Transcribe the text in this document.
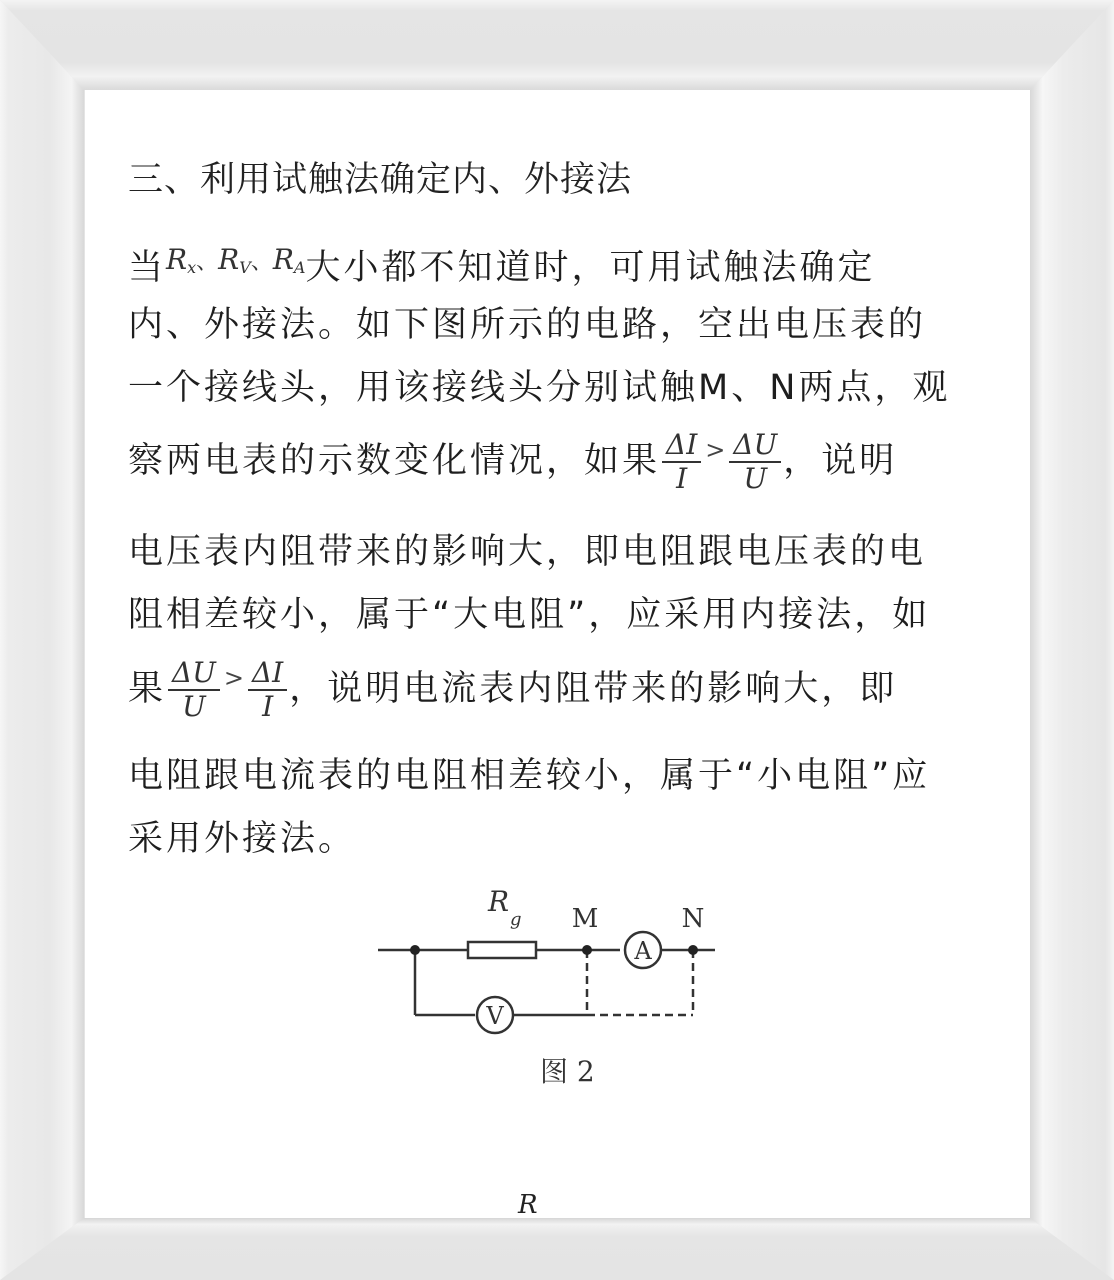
三、利用试触法确定内、外接法
当$^{R_x、R_V、R_A}$大小都不知道时，可用试触法确定
内、外接法。如下图所示的电路，空出电压表的
一个接线头，用该接线头分别试触M、N两点，观
察两电表的示数变化情况，如果 $\frac{\Delta I}{I} ^> \frac{\Delta U}{U}$ ，说明
电压表内阻带来的影响大，即电阻跟电压表的电
阻相差较小，属于“大电阻”，应采用内接法，如
果 $\frac{\Delta U}{U} ^> \frac{\Delta I}{I}$ ，说明电流表内阻带来的影响大，即
电阻跟电流表的电阻相差较小，属于“小电阻”应
采用外接法。
A
V
M	N
R
g
图 2
R
